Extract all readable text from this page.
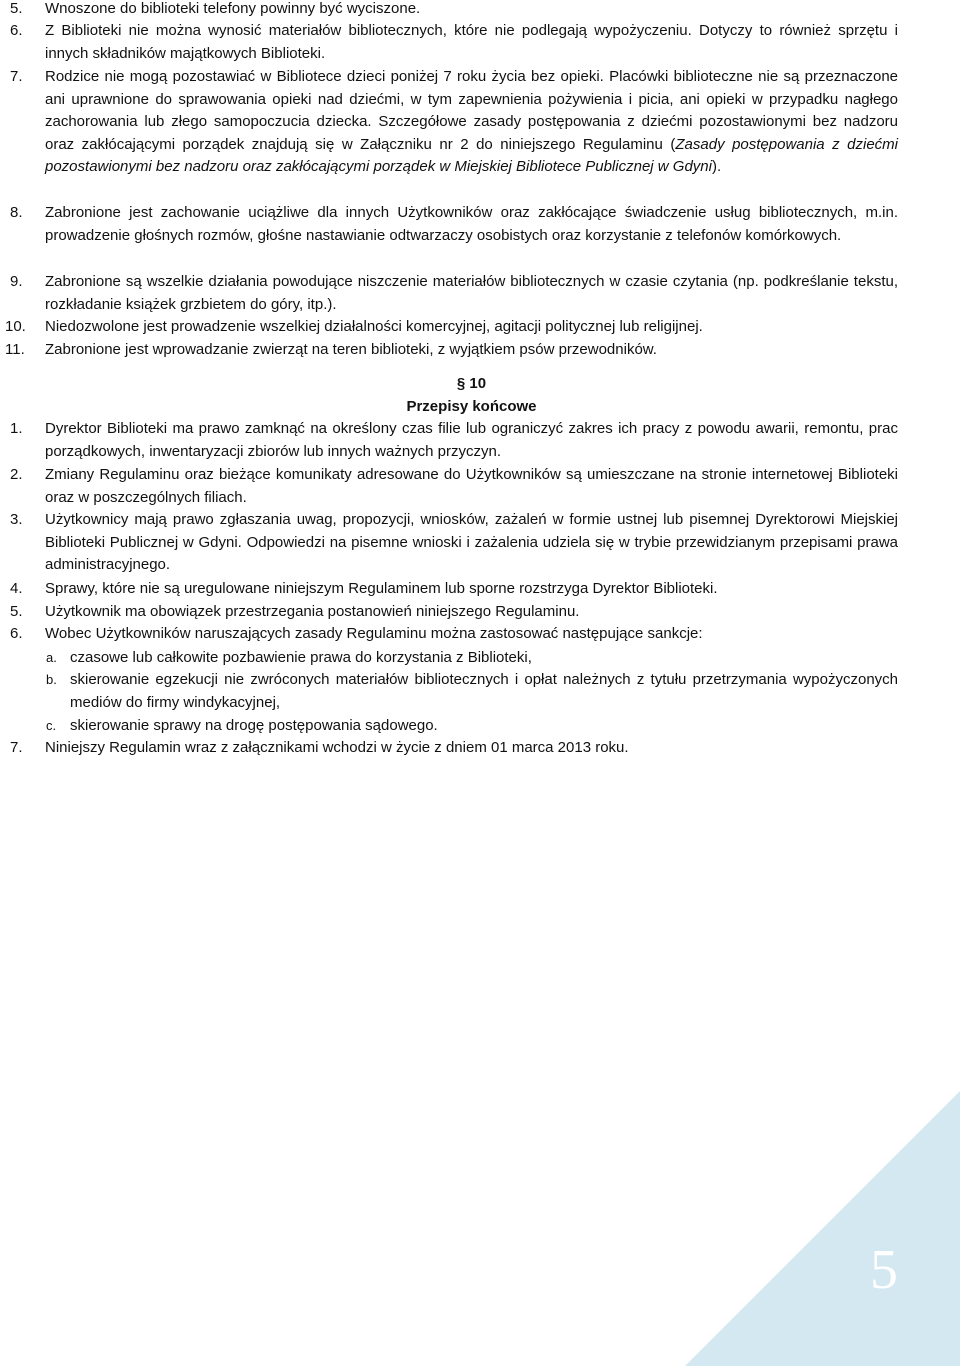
5.	Wnoszone do biblioteki telefony powinny być wyciszone.
6.	Z Biblioteki nie można wynosić materiałów bibliotecznych, które nie podlegają wypożyczeniu. Dotyczy to również sprzętu i innych składników majątkowych Biblioteki.
7.	Rodzice nie mogą pozostawiać w Bibliotece dzieci poniżej 7 roku życia bez opieki. Placówki biblioteczne nie są przeznaczone ani uprawnione do sprawowania opieki nad dziećmi, w tym zapewnienia pożywienia i picia, ani opieki w przypadku nagłego zachorowania lub złego samopoczucia dziecka. Szczegółowe zasady postępowania z dziećmi pozostawionymi bez nadzoru oraz zakłócającymi porządek znajdują się w Załączniku nr 2 do niniejszego Regulaminu (Zasady postępowania z dziećmi pozostawionymi bez nadzoru oraz zakłócającymi porządek w Miejskiej Bibliotece Publicznej w Gdyni).
8.	Zabronione jest zachowanie uciążliwe dla innych Użytkowników oraz zakłócające świadczenie usług bibliotecznych, m.in. prowadzenie głośnych rozmów, głośne nastawianie odtwarzaczy osobistych oraz korzystanie z telefonów komórkowych.
9.	Zabronione są wszelkie działania powodujące niszczenie materiałów bibliotecznych w czasie czytania (np. podkreślanie tekstu, rozkładanie książek grzbietem do góry, itp.).
10.	Niedozwolone jest prowadzenie wszelkiej działalności komercyjnej, agitacji politycznej lub religijnej.
11.	Zabronione jest wprowadzanie zwierząt na teren biblioteki, z wyjątkiem psów przewodników.
§ 10
Przepisy końcowe
1.	Dyrektor Biblioteki ma prawo zamknąć na określony czas filie lub ograniczyć zakres ich pracy z powodu awarii, remontu, prac porządkowych, inwentaryzacji zbiorów lub innych ważnych przyczyn.
2.	Zmiany Regulaminu oraz bieżące komunikaty adresowane do Użytkowników są umieszczane na stronie internetowej Biblioteki oraz w poszczególnych filiach.
3.	Użytkownicy mają prawo zgłaszania uwag, propozycji, wniosków, zażaleń w formie ustnej lub pisemnej Dyrektorowi Miejskiej Biblioteki Publicznej w Gdyni. Odpowiedzi na pisemne wnioski i zażalenia udziela się w trybie przewidzianym przepisami prawa administracyjnego.
4.	Sprawy, które nie są uregulowane niniejszym Regulaminem lub sporne rozstrzyga Dyrektor Biblioteki.
5.	Użytkownik ma obowiązek przestrzegania postanowień niniejszego Regulaminu.
6.	Wobec Użytkowników naruszających zasady Regulaminu można zastosować następujące sankcje:
a. czasowe lub całkowite pozbawienie prawa do korzystania z Biblioteki,
b. skierowanie egzekucji nie zwróconych materiałów bibliotecznych i opłat należnych z tytułu przetrzymania wypożyczonych mediów do firmy windykacyjnej,
c. skierowanie sprawy na drogę postępowania sądowego.
7.	Niniejszy Regulamin wraz z załącznikami wchodzi w życie z dniem 01 marca 2013 roku.
5
